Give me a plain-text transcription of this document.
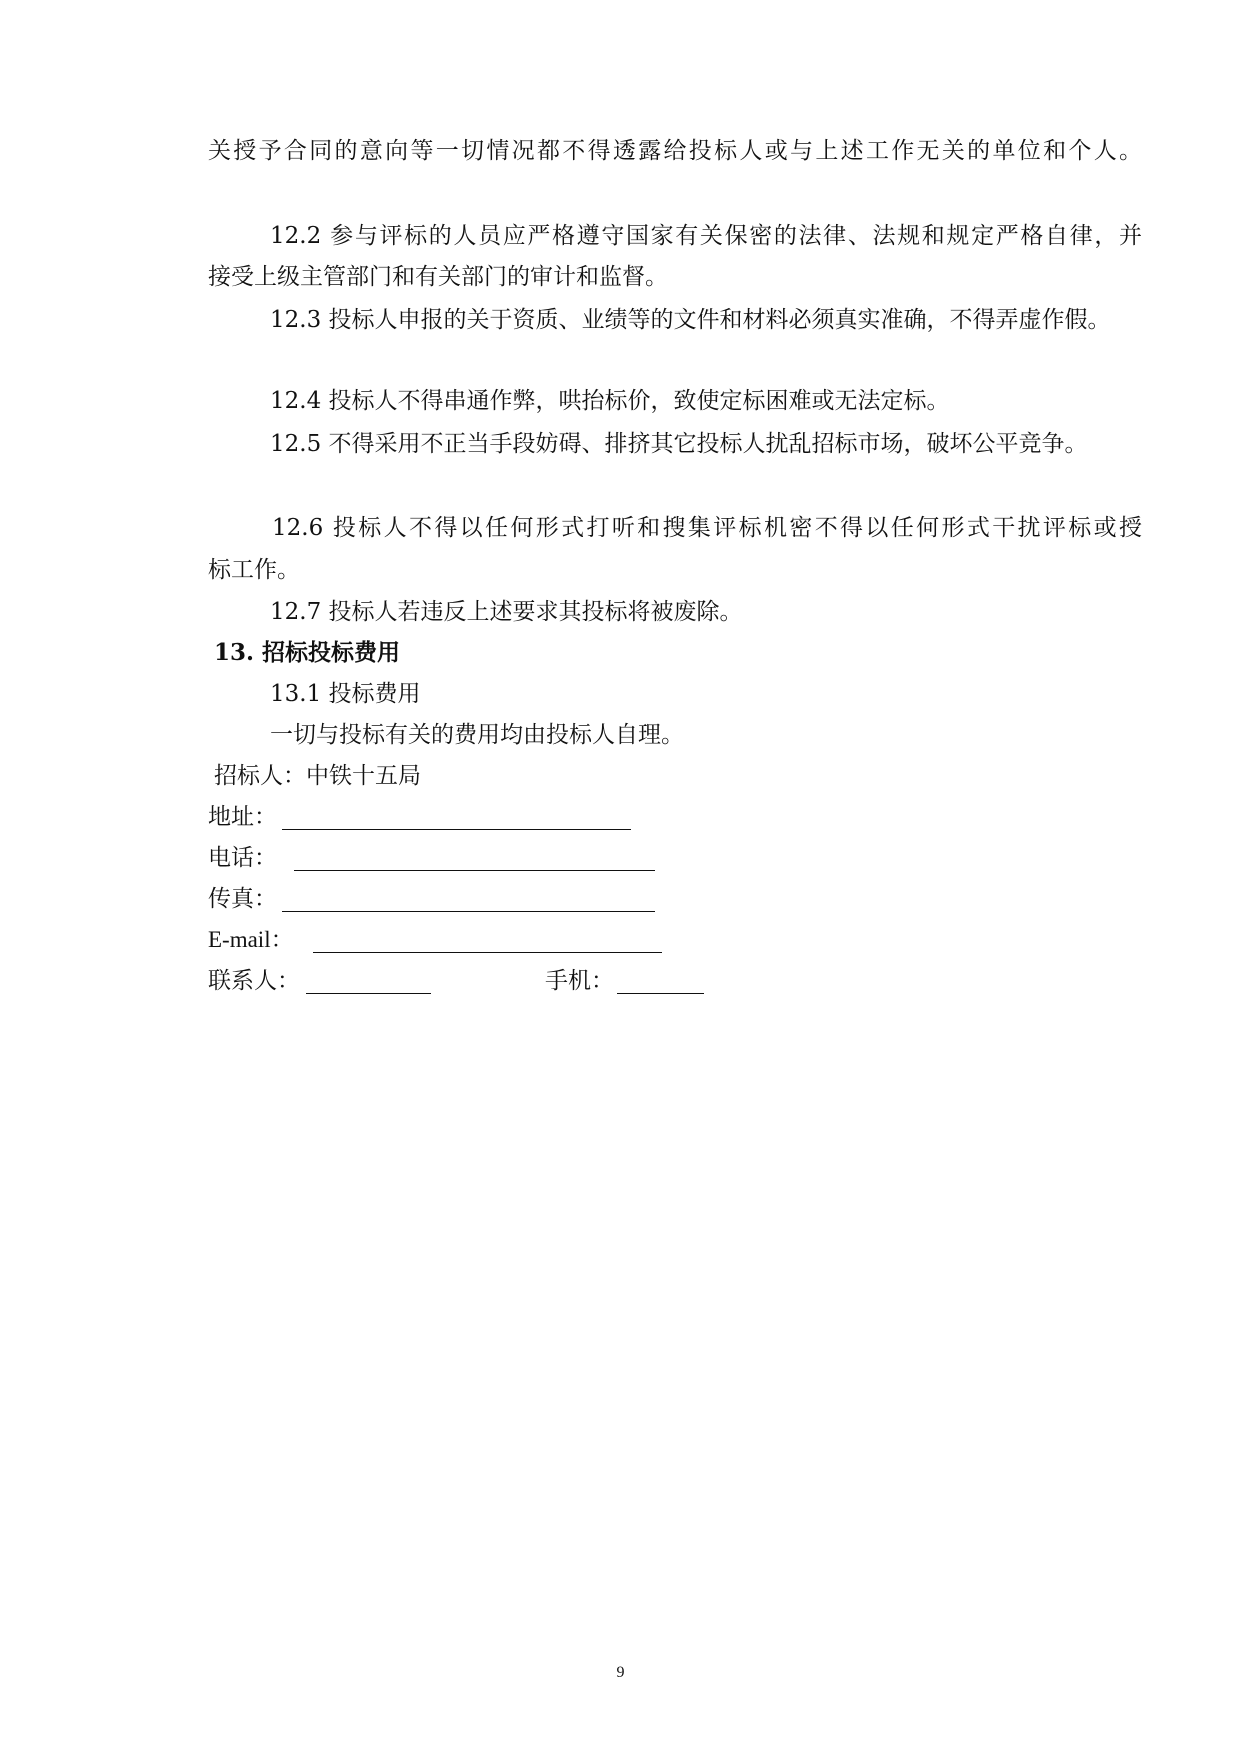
关授予合同的意向等一切情况都不得透露给投标人或与上述工作无关的单位和个人。
12.2 参与评标的人员应严格遵守国家有关保密的法律、法规和规定严格自律，并
接受上级主管部门和有关部门的审计和监督。
12.3 投标人申报的关于资质、业绩等的文件和材料必须真实准确，不得弄虚作假。
12.4 投标人不得串通作弊，哄抬标价，致使定标困难或无法定标。
12.5 不得采用不正当手段妨碍、排挤其它投标人扰乱招标市场，破坏公平竞争。
12.6 投标人不得以任何形式打听和搜集评标机密不得以任何形式干扰评标或授
标工作。
12.7 投标人若违反上述要求其投标将被废除。
13. 招标投标费用
13.1 投标费用
一切与投标有关的费用均由投标人自理。
招标人：中铁十五局
地址：
电话：
传真：
E-mail：
联系人：	手机：
9
